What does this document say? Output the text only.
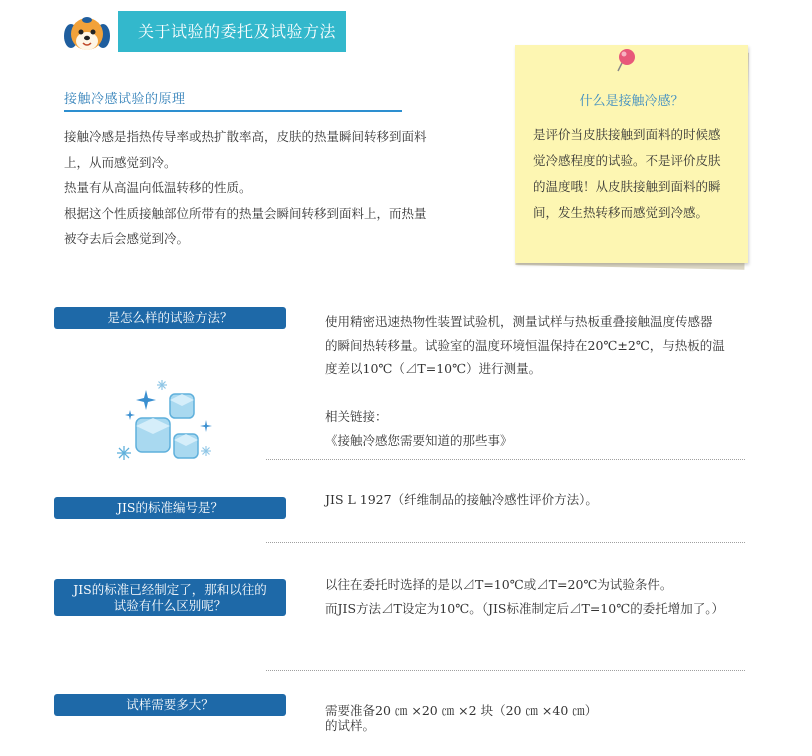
关于试验的委托及试验方法
接触冷感试验的原理

接触冷感是指热传导率或热扩散率高，皮肤的热量瞬间转移到面料

上，从而感觉到冷。

热量有从高温向低温转移的性质。

根据这个性质接触部位所带有的热量会瞬间转移到面料上，而热量

被夺去后会感觉到冷。

什么是接触冷感？
是评价当皮肤接触到面料的时候感
觉冷感程度的试验。不是评价皮肤
的温度哦！从皮肤接触到面料的瞬
间，发生热转移而感觉到冷感。
是怎么样的试验方法？	使用精密迅速热物性装置试验机，测量试样与热板重叠接触温度传感器

的瞬间热转移量。试验室的温度环境恒温保持在20℃±2℃，与热板的温

度差以10℃（⊿T=10℃）进行测量。

相关链接：

《接触冷感您需要知道的那些事》

JIS的标准编号是？

JIS L 1927（纤维制品的接触冷感性评价方法）。

JIS的标准已经制定了，那和以往的
试验有什么区别呢？

以往在委托时选择的是以⊿T=10℃或⊿T=20℃为试验条件。

而JIS方法⊿T设定为10℃。（JIS标准制定后⊿T=10℃的委托增加了。）

试样需要多大？	需要准备20 ㎝ ×20 ㎝ ×2 块（20 ㎝ ×40 ㎝）

的试样。
